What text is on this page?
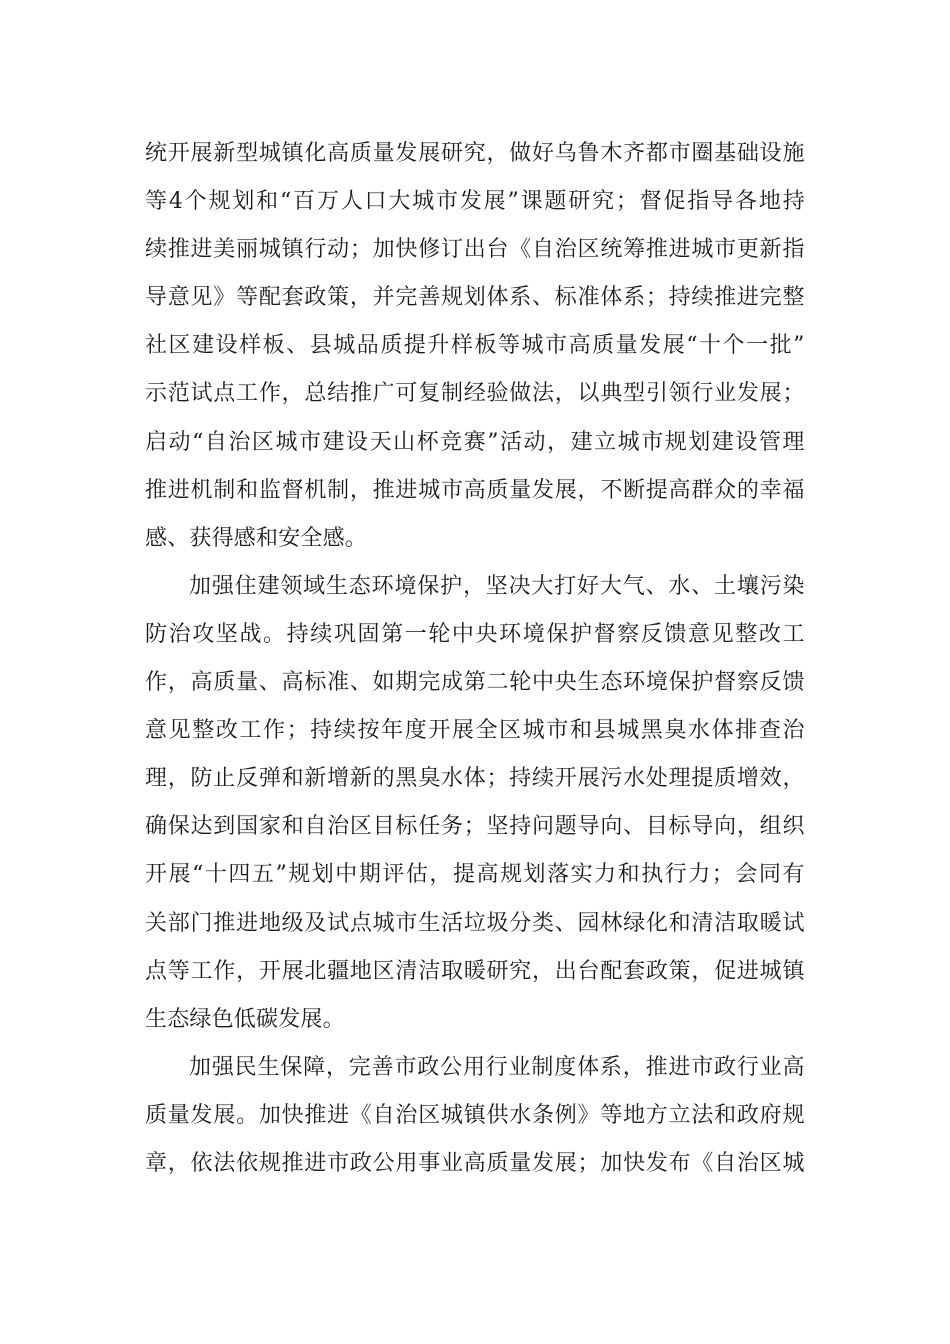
统 开 展 新 型 城 镇 化 高 质 量 发 展 研 究 ， 做 好 乌 鲁 木 齐 都 市 圈 基 础 设 施
等 4 个 规 划 和 “ 百 万 人 口 大 城 市 发 展 ” 课 题 研 究 ； 督 促 指 导 各 地 持
续 推 进 美 丽 城 镇 行 动 ； 加 快 修 订 出 台 《 自 治 区 统 筹 推 进 城 市 更 新 指
导 意 见 》 等 配 套 政 策 ， 并 完 善 规 划 体 系 、 标 准 体 系 ； 持 续 推 进 完 整
社 区 建 设 样 板 、 县 城 品 质 提 升 样 板 等 城 市 高 质 量 发 展 “ 十 个 一 批 ”
示 范 试 点 工 作 ， 总 结 推 广 可 复 制 经 验 做 法 ， 以 典 型 引 领 行 业 发 展 ；
启 动 “ 自 治 区 城 市 建 设 天 山 杯 竞 赛 ” 活 动 ， 建 立 城 市 规 划 建 设 管 理
推 进 机 制 和 监 督 机 制 ， 推 进 城 市 高 质 量 发 展 ， 不 断 提 高 群 众 的 幸 福
感、获得感和安全感。
加 强 住 建 领 域 生 态 环 境 保 护 ， 坚 决 大 打 好 大 气 、 水 、 土 壤 污 染
防 治 攻 坚 战 。 持 续 巩 固 第 一 轮 中 央 环 境 保 护 督 察 反 馈 意 见 整 改 工
作 ， 高 质 量 、 高 标 准 、 如 期 完 成 第 二 轮 中 央 生 态 环 境 保 护 督 察 反 馈
意 见 整 改 工 作 ； 持 续 按 年 度 开 展 全 区 城 市 和 县 城 黑 臭 水 体 排 查 治
理 ， 防 止 反 弹 和 新 增 新 的 黑 臭 水 体 ； 持 续 开 展 污 水 处 理 提 质 增 效 ，
确 保 达 到 国 家 和 自 治 区 目 标 任 务 ； 坚 持 问 题 导 向 、 目 标 导 向 ， 组 织
开 展 “ 十 四 五 ” 规 划 中 期 评 估 ， 提 高 规 划 落 实 力 和 执 行 力 ； 会 同 有
关 部 门 推 进 地 级 及 试 点 城 市 生 活 垃 圾 分 类 、 园 林 绿 化 和 清 洁 取 暖 试
点 等 工 作 ， 开 展 北 疆 地 区 清 洁 取 暖 研 究 ， 出 台 配 套 政 策 ， 促 进 城 镇
生态绿色低碳发展。
加 强 民 生 保 障 ， 完 善 市 政 公 用 行 业 制 度 体 系 ， 推 进 市 政 行 业 高
质 量 发 展 。 加 快 推 进 《 自 治 区 城 镇 供 水 条 例 》 等 地 方 立 法 和 政 府 规
章 ， 依 法 依 规 推 进 市 政 公 用 事 业 高 质 量 发 展 ； 加 快 发 布 《 自 治 区 城
